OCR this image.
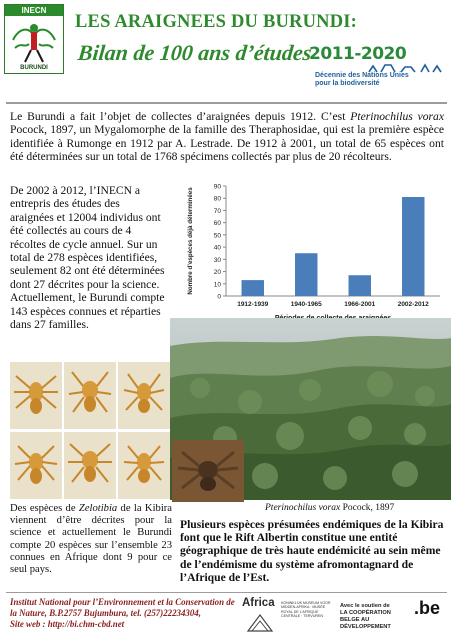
INECN
BURUNDI
LES ARAIGNEES DU BURUNDI:
Bilan de 100 ans d’études
2011-2020
Décennie des Nations Unies
pour la biodiversité
Le Burundi a fait l’objet de collectes d’araignées depuis 1912. C’est Pterinochilus vorax Pocock, 1897, un Mygalomorphe de la famille des Theraphosidae, qui est la première espèce identifiée à Rumonge en 1912 par A. Lestrade. De 1912 à 2001, un total de 65 espèces ont été déterminées sur un total de 1768 spécimens collectés par plus de 20 récolteurs.
De 2002 à 2012, l’INECN a entrepris des études des araignées et 12004 individus ont été collectés au cours de 4 récoltes de cycle annuel. Sur un total de 278 espèces identifiées, seulement 82 ont été déterminées dont 27 décrites pour la science. Actuellement, le Burundi compte 143 espèces connues et réparties dans 27 familles.
0
10
20
30
40
50
60
70
80
90
Nombre d’espèces déjà déterminées
1912-1939	1940-1965	1966-2001	2002-2012
Pterinochilus vorax Pocock, 1897
Des espèces de Zelotibia de la Kibira viennent d’être décrites pour la science et actuellement le Burundi compte 20 espèces sur l’ensemble 23 connues en Afrique dont 9 pour ce seul pays.
Plusieurs espèces présumées endémiques de la Kibira font que le Rift Albertin constitue une entité géographique de très haute endémicité au sein même de l’endémisme du système afromontagnard de l’Afrique de l’Est.
Institut National pour l’Environnement et la Conservation de la Nature, B.P.2757 Bujumbura, tel. (257)22234304,
Site web : http://bi.chm-cbd.net
Africa KONINKLIJK MUSEUM VOOR MIDDEN-AFRIKA · MUSÉE ROYAL DE L’AFRIQUE CENTRALE · TERVUREN
Avec le soutien de
LA COOPÉRATION
BELGE AU DÉVELOPPEMENT
.be
